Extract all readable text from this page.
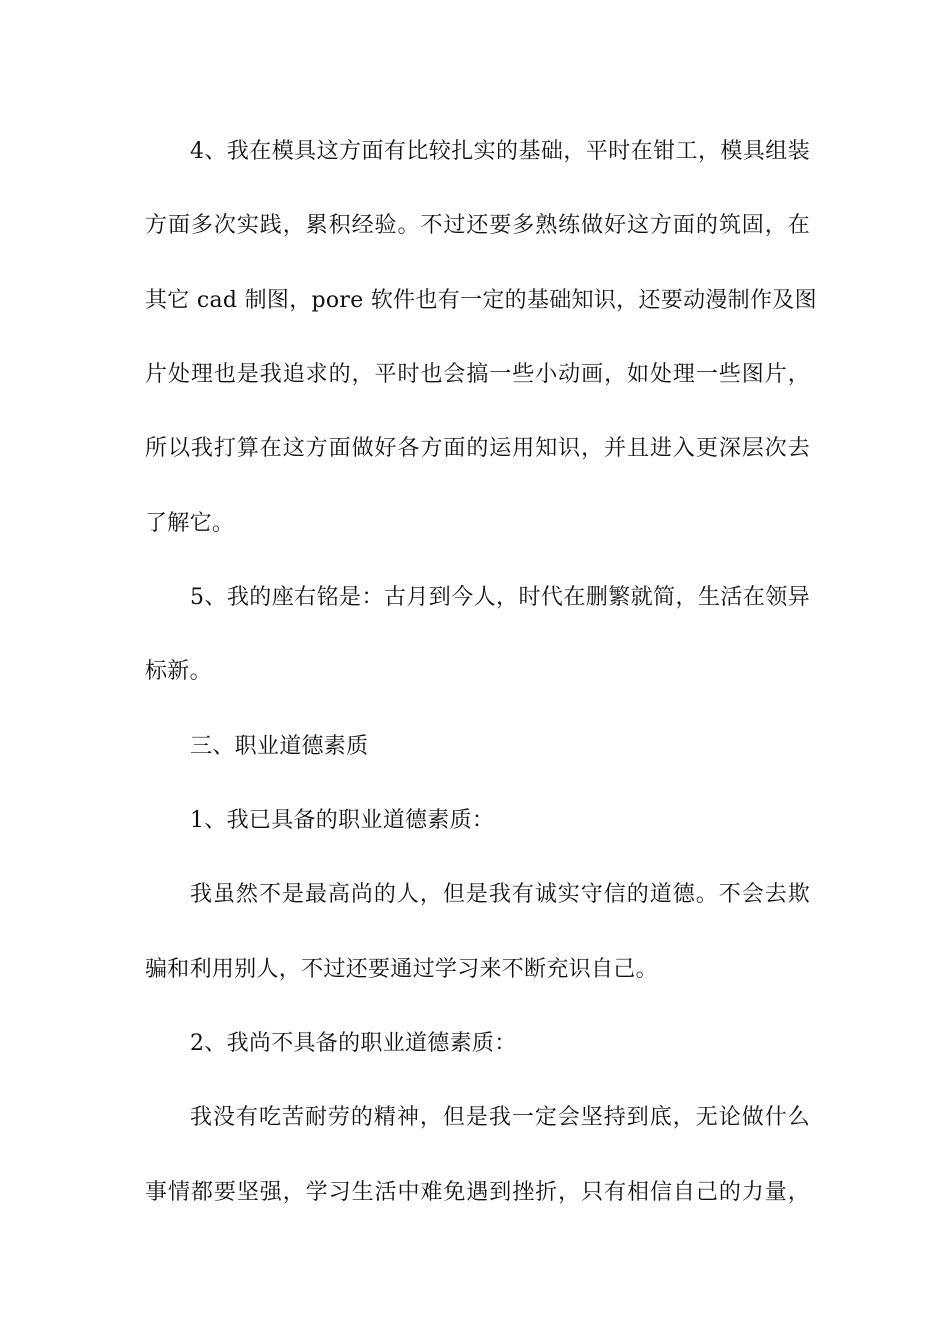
4、我在模具这方面有比较扎实的基础，平时在钳工，模具组装
方面多次实践，累积经验。不过还要多熟练做好这方面的筑固，在
其它 cad 制图，pore 软件也有一定的基础知识，还要动漫制作及图
片处理也是我追求的，平时也会搞一些小动画，如处理一些图片，
所以我打算在这方面做好各方面的运用知识，并且进入更深层次去
了解它。
5、我的座右铭是：古月到今人，时代在删繁就简，生活在领异
标新。
三、职业道德素质
1、我已具备的职业道德素质：
我虽然不是最高尚的人，但是我有诚实守信的道德。不会去欺
骗和利用别人，不过还要通过学习来不断充识自己。
2、我尚不具备的职业道德素质：
我没有吃苦耐劳的精神，但是我一定会坚持到底，无论做什么
事情都要坚强，学习生活中难免遇到挫折，只有相信自己的力量，
